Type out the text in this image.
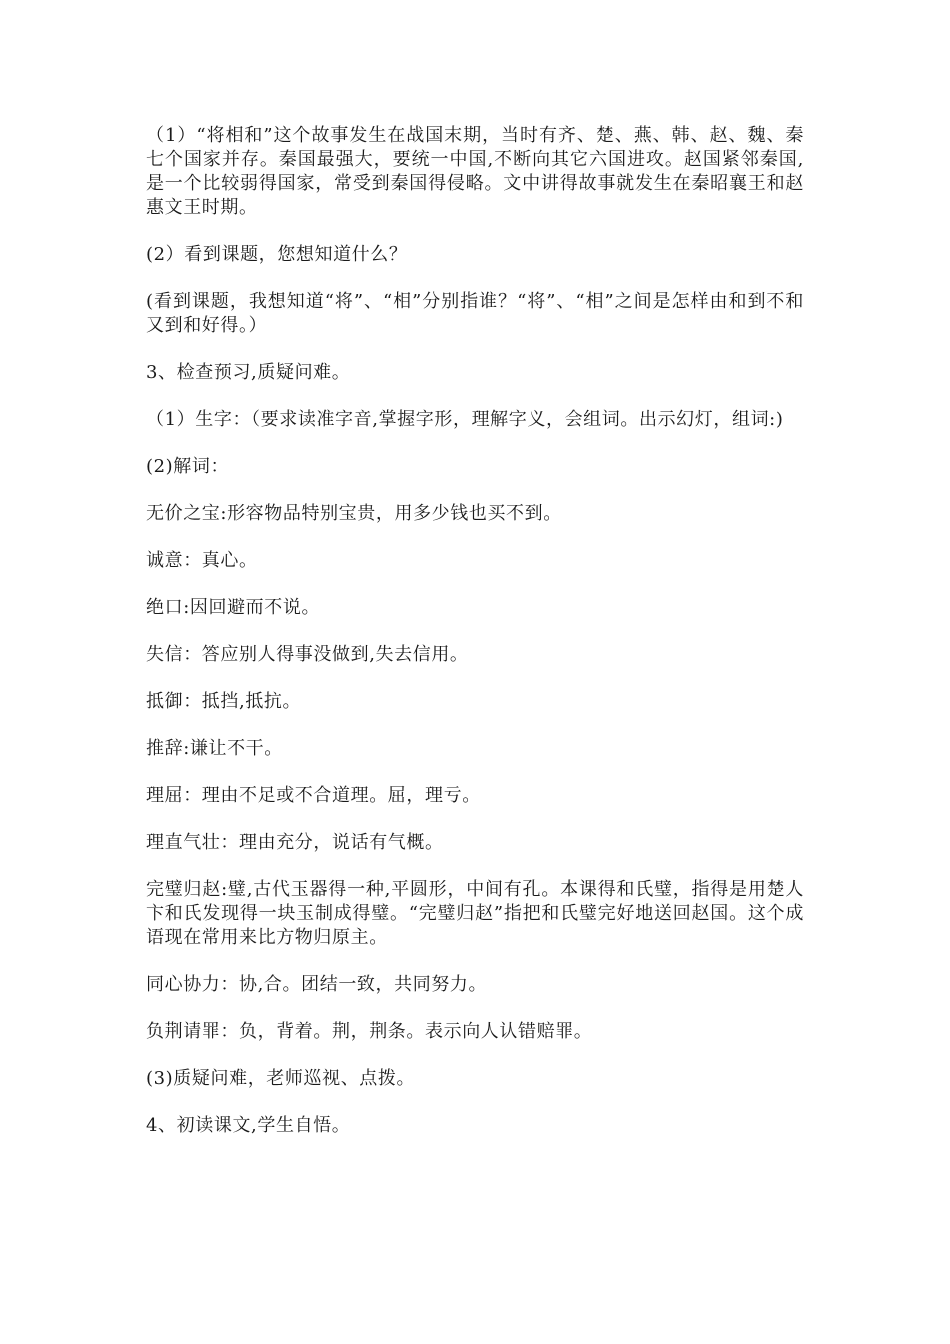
（1）“将相和”这个故事发生在战国末期，当时有齐、楚、燕、韩、赵、魏、秦七个国家并存。秦国最强大，要统一中国,不断向其它六国进攻。赵国紧邻秦国,是一个比较弱得国家，常受到秦国得侵略。文中讲得故事就发生在秦昭襄王和赵惠文王时期。

(2）看到课题，您想知道什么？

(看到课题，我想知道“将”、“相”分别指谁？“将”、“相”之间是怎样由和到不和又到和好得。）

3、检查预习,质疑问难。

（1）生字：（要求读准字音,掌握字形，理解字义，会组词。出示幻灯，组词:)

(2)解词：

无价之宝:形容物品特别宝贵，用多少钱也买不到。

诚意：真心。

绝口:因回避而不说。

失信：答应别人得事没做到,失去信用。

抵御：抵挡,抵抗。

推辞:谦让不干。

理屈：理由不足或不合道理。屈，理亏。

理直气壮：理由充分，说话有气概。

完璧归赵:璧,古代玉器得一种,平圆形，中间有孔。本课得和氏璧，指得是用楚人卞和氏发现得一块玉制成得璧。“完璧归赵”指把和氏璧完好地送回赵国。这个成语现在常用来比方物归原主。

同心协力：协,合。团结一致，共同努力。

负荆请罪：负，背着。荆，荆条。表示向人认错赔罪。

(3)质疑问难，老师巡视、点拨。

4、初读课文,学生自悟。
